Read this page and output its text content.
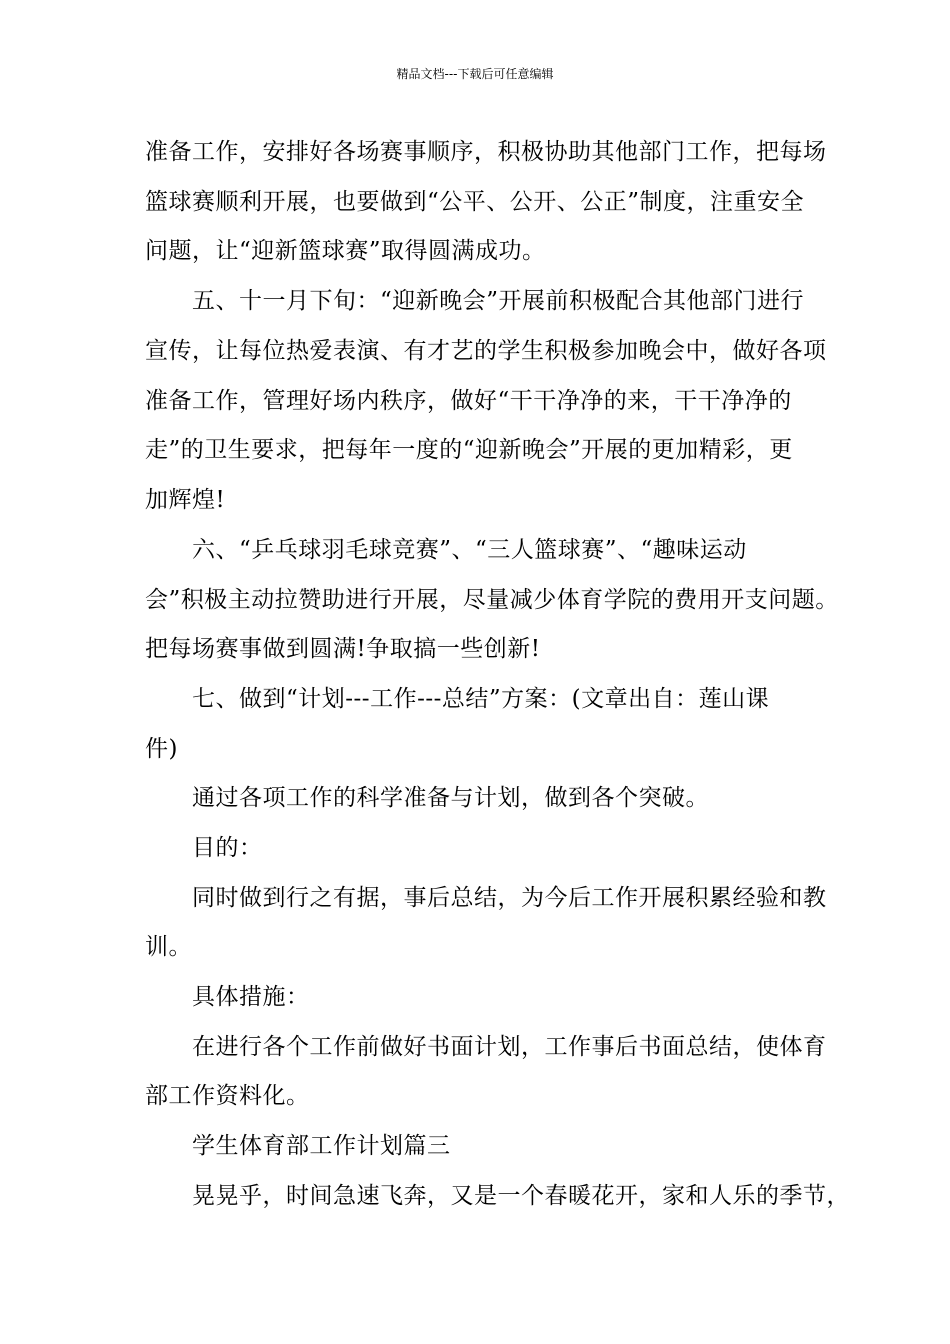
精品文档---下载后可任意编辑
准备工作，安排好各场赛事顺序，积极协助其他部门工作，把每场
篮球赛顺利开展，也要做到“公平、公开、公正”制度，注重安全
问题，让“迎新篮球赛”取得圆满成功。
五、十一月下旬：“迎新晚会”开展前积极配合其他部门进行
宣传，让每位热爱表演、有才艺的学生积极参加晚会中，做好各项
准备工作，管理好场内秩序，做好“干干净净的来，干干净净的
走”的卫生要求，把每年一度的“迎新晚会”开展的更加精彩，更
加辉煌!
六、“乒乓球羽毛球竞赛”、“三人篮球赛”、“趣味运动
会”积极主动拉赞助进行开展，尽量减少体育学院的费用开支问题。
把每场赛事做到圆满!争取搞一些创新!
七、做到“计划---工作---总结”方案：(文章出自：莲山课
件)
通过各项工作的科学准备与计划，做到各个突破。
目的：
同时做到行之有据，事后总结，为今后工作开展积累经验和教
训。
具体措施：
在进行各个工作前做好书面计划，工作事后书面总结，使体育
部工作资料化。
学生体育部工作计划篇三
晃晃乎，时间急速飞奔，又是一个春暖花开，家和人乐的季节，
